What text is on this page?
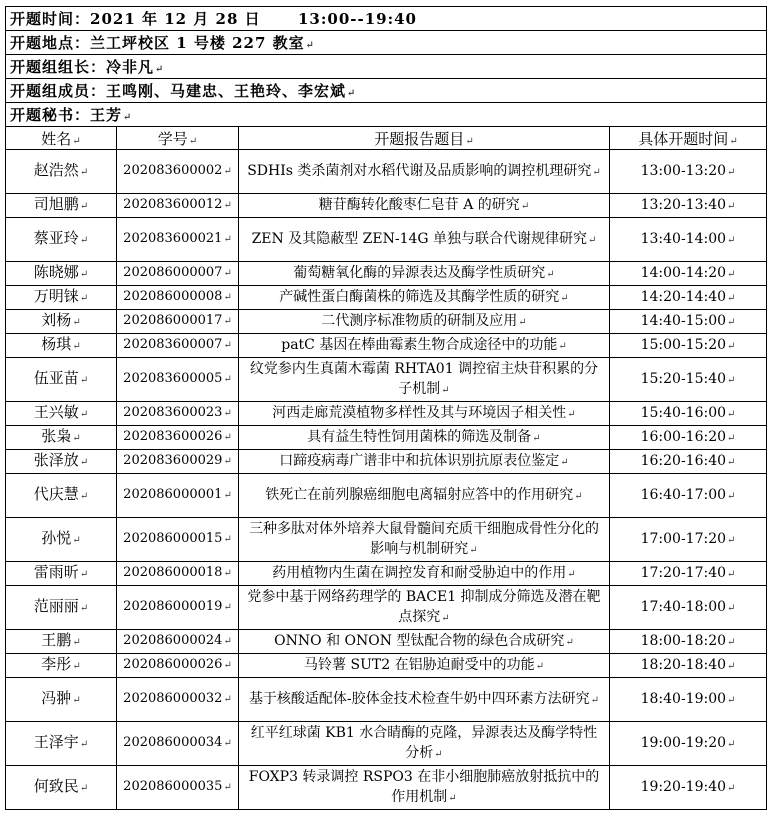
开题时间：2021 年 12 月 28 日 13:00--19:40			
开题地点：兰工坪校区 1 号楼 227 教室↵			
开题组组长：冷非凡↵			
开题组成员：王鸣刚、马建忠、王艳玲、李宏斌↵			
开题秘书：王芳↵			
姓名↵	学号↵	开题报告题目↵	具体开题时间↵
赵浩然↵	202083600002↵	SDHIs 类杀菌剂对水稻代谢及品质影响的调控机理研究↵	13:00-13:20↵
司旭鹏↵	202083600012↵	糖苷酶转化酸枣仁皂苷 A 的研究↵	13:20-13:40↵
蔡亚玲↵	202083600021↵	ZEN 及其隐蔽型 ZEN-14G 单独与联合代谢规律研究↵	13:40-14:00↵
陈晓娜↵	202086000007↵	葡萄糖氧化酶的异源表达及酶学性质研究↵	14:00-14:20↵
万明铼↵	202086000008↵	产碱性蛋白酶菌株的筛选及其酶学性质的研究↵	14:20-14:40↵
刘杨↵	202086000017↵	二代测序标准物质的研制及应用↵	14:40-15:00↵
杨琪↵	202083600007↵	patC 基因在棒曲霉素生物合成途径中的功能↵	15:00-15:20↵
伍亚苗↵	202083600005↵	纹党参内生真菌木霉菌 RHTA01 调控宿主炔苷积累的分子机制↵	15:20-15:40↵
王兴敏↵	202083600023↵	河西走廊荒漠植物多样性及其与环境因子相关性↵	15:40-16:00↵
张枭↵	202083600026↵	具有益生特性饲用菌株的筛选及制备↵	16:00-16:20↵
张泽放↵	202083600029↵	口蹄疫病毒广谱非中和抗体识别抗原表位鉴定↵	16:20-16:40↵
代庆慧↵	202086000001↵	铁死亡在前列腺癌细胞电离辐射应答中的作用研究↵	16:40-17:00↵
孙悦↵	202086000015↵	三种多肽对体外培养大鼠骨髓间充质干细胞成骨性分化的影响与机制研究↵	17:00-17:20↵
雷雨昕↵	202086000018↵	药用植物内生菌在调控发育和耐受胁迫中的作用↵	17:20-17:40↵
范丽丽↵	202086000019↵	党参中基于网络药理学的 BACE1 抑制成分筛选及潜在靶点探究↵	17:40-18:00↵
王鹏↵	202086000024↵	ONNO 和 ONON 型钛配合物的绿色合成研究↵	18:00-18:20↵
李彤↵	202086000026↵	马铃薯 SUT2 在铝胁迫耐受中的功能↵	18:20-18:40↵
冯翀↵	202086000032↵	基于核酸适配体-胶体金技术检查牛奶中四环素方法研究↵	18:40-19:00↵
王泽宇↵	202086000034↵	红平红球菌 KB1 水合睛酶的克隆，异源表达及酶学特性分析↵	19:00-19:20↵
何致民↵	202086000035↵	FOXP3 转录调控 RSPO3 在非小细胞肺癌放射抵抗中的作用机制↵	19:20-19:40↵
